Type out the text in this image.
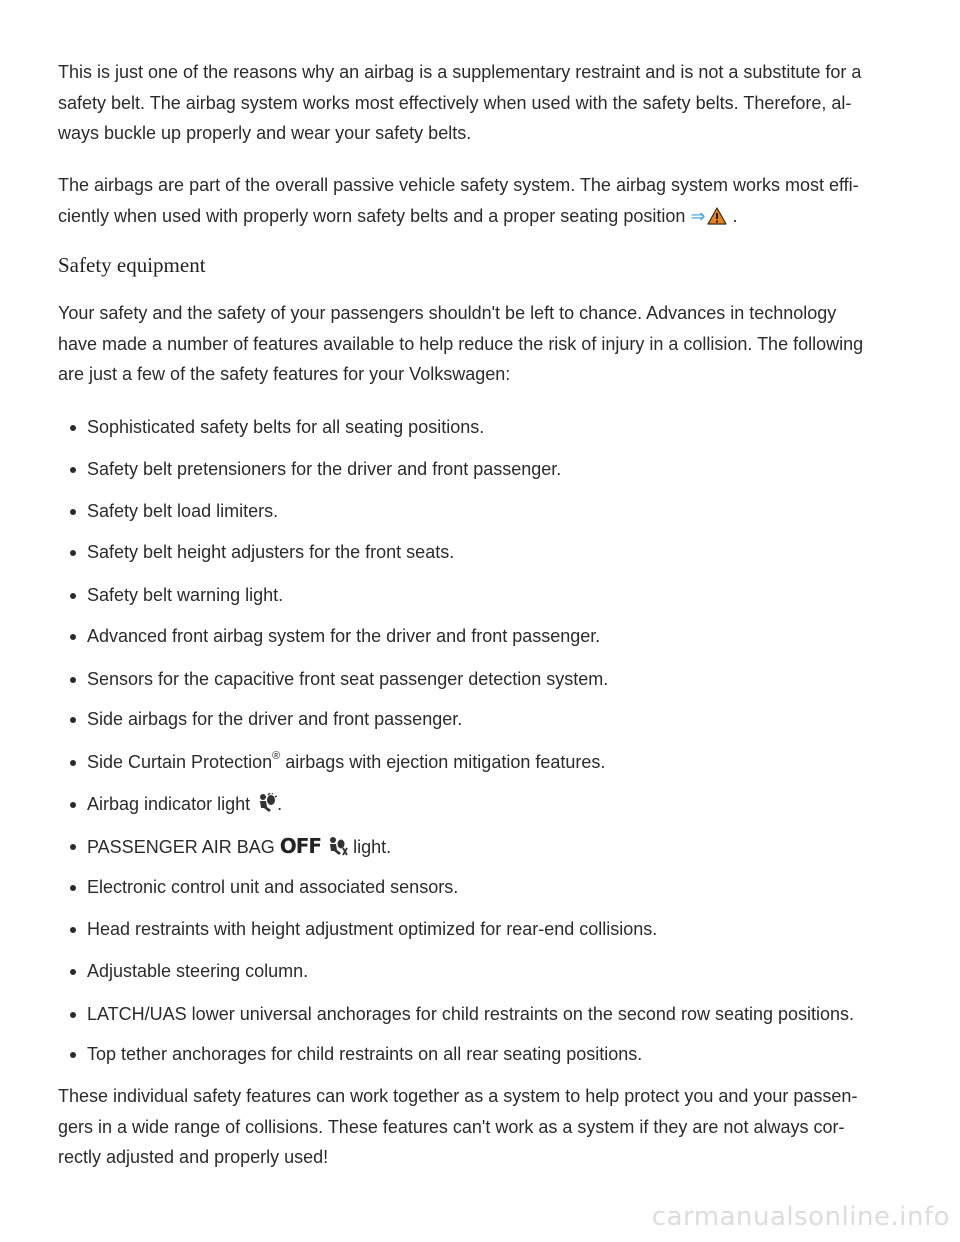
This is just one of the reasons why an airbag is a supplementary restraint and is not a substitute for a
safety belt. The airbag system works most effectively when used with the safety belts. Therefore, al-
ways buckle up properly and wear your safety belts.

The airbags are part of the overall passive vehicle safety system. The airbag system works most effi-
ciently when used with properly worn safety belts and a proper seating position ⇒ .

Safety equipment

Your safety and the safety of your passengers shouldn't be left to chance. Advances in technology
have made a number of features available to help reduce the risk of injury in a collision. The following
are just a few of the safety features for your Volkswagen:

Sophisticated safety belts for all seating positions.
Safety belt pretensioners for the driver and front passenger.
Safety belt load limiters.
Safety belt height adjusters for the front seats.
Safety belt warning light.
Advanced front airbag system for the driver and front passenger.
Sensors for the capacitive front seat passenger detection system.
Side airbags for the driver and front passenger.
Side Curtain Protection® airbags with ejection mitigation features.
Airbag indicator light .
PASSENGER AIR BAG OFF light.
Electronic control unit and associated sensors.
Head restraints with height adjustment optimized for rear-end collisions.
Adjustable steering column.
LATCH/UAS lower universal anchorages for child restraints on the second row seating positions.
Top tether anchorages for child restraints on all rear seating positions.

These individual safety features can work together as a system to help protect you and your passen-
gers in a wide range of collisions. These features can't work as a system if they are not always cor-
rectly adjusted and properly used!

carmanualsonline.info
